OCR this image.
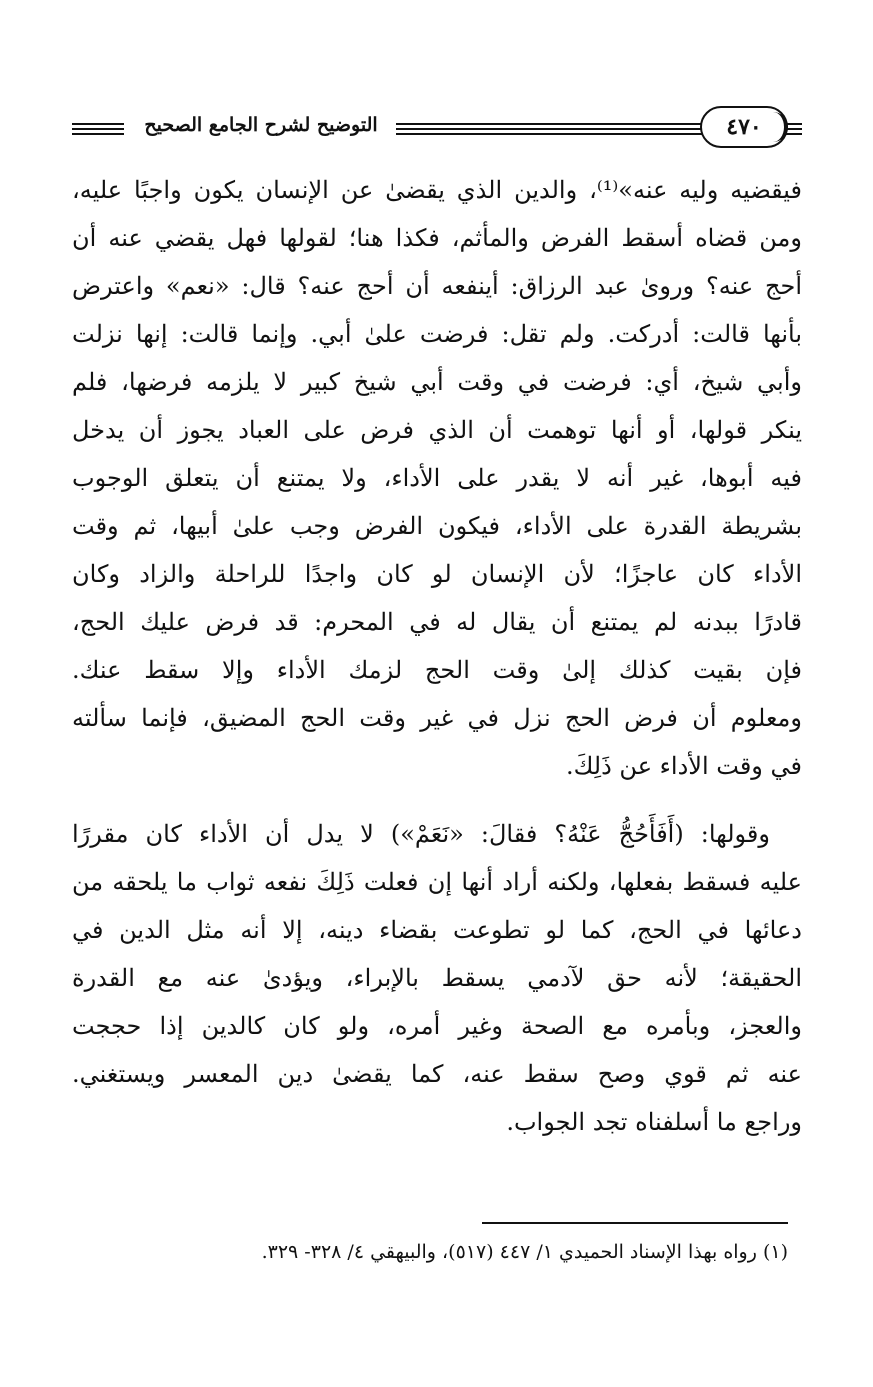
التوضيح لشرح الجامع الصحيح	٤٧٠
فيقضيه وليه عنه»⁽¹⁾، والدين الذي يقضىٰ عن الإنسان يكون واجبًا عليه،
ومن قضاه أسقط الفرض والمأثم، فكذا هنا؛ لقولها فهل يقضي عنه أن
أحج عنه؟ ورویٰ عبد الرزاق: أينفعه أن أحج عنه؟ قال: «نعم» واعترض
بأنها قالت: أدركت. ولم تقل: فرضت علىٰ أبي. وإنما قالت: إنها نزلت
وأبي شيخ، أي: فرضت في وقت أبي شيخ كبير لا يلزمه فرضها، فلم
ينكر قولها، أو أنها توهمت أن الذي فرض على العباد يجوز أن يدخل
فيه أبوها، غير أنه لا يقدر على الأداء، ولا يمتنع أن يتعلق الوجوب
بشريطة القدرة على الأداء، فيكون الفرض وجب علىٰ أبيها، ثم وقت
الأداء كان عاجزًا؛ لأن الإنسان لو كان واجدًا للراحلة والزاد وكان
قادرًا ببدنه لم يمتنع أن يقال له في المحرم: قد فرض عليك الحج،
فإن بقيت كذلك إلىٰ وقت الحج لزمك الأداء وإلا سقط عنك.
ومعلوم أن فرض الحج نزل في غير وقت الحج المضيق، فإنما سألته
في وقت الأداء عن ذَلِكَ.
وقولها: (أَفَأَحُجُّ عَنْهُ؟ فقالَ: «نَعَمْ») لا يدل أن الأداء كان مقررًا
عليه فسقط بفعلها، ولكنه أراد أنها إن فعلت ذَلِكَ نفعه ثواب ما يلحقه من
دعائها في الحج، كما لو تطوعت بقضاء دينه، إلا أنه مثل الدين في
الحقيقة؛ لأنه حق لآدمي يسقط بالإبراء، ويؤدیٰ عنه مع القدرة
والعجز، وبأمره مع الصحة وغير أمره، ولو كان كالدين إذا حججت
عنه ثم قوي وصح سقط عنه، كما يقضىٰ دين المعسر ويستغني.
وراجع ما أسلفناه تجد الجواب.
(١) رواه بهذا الإسناد الحميدي ١/ ٤٤٧ (٥١٧)، والبيهقي ٤/ ٣٢٨- ٣٢٩.
